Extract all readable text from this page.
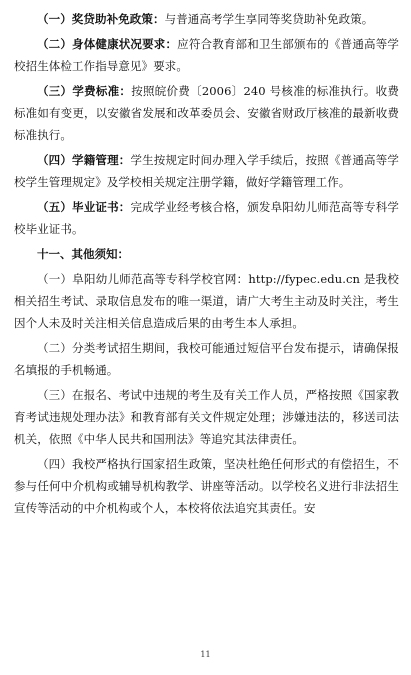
（一）奖贷助补免政策：与普通高考学生享同等奖贷助补免政策。

（二）身体健康状况要求：应符合教育部和卫生部颁布的《普通高等学校招生体检工作指导意见》要求。

（三）学费标准：按照皖价费〔2006〕240 号核准的标准执行。收费标准如有变更，以安徽省发展和改革委员会、安徽省财政厅核准的最新收费标准执行。

（四）学籍管理：学生按规定时间办理入学手续后，按照《普通高等学校学生管理规定》及学校相关规定注册学籍，做好学籍管理工作。

（五）毕业证书：完成学业经考核合格，颁发阜阳幼儿师范高等专科学校毕业证书。

十一、其他须知：

（一）阜阳幼儿师范高等专科学校官网：http://fypec.edu.cn 是我校相关招生考试、录取信息发布的唯一渠道，请广大考生主动及时关注，考生因个人未及时关注相关信息造成后果的由考生本人承担。

（二）分类考试招生期间，我校可能通过短信平台发布提示，请确保报名填报的手机畅通。

（三）在报名、考试中违规的考生及有关工作人员，严格按照《国家教育考试违规处理办法》和教育部有关文件规定处理；涉嫌违法的，移送司法机关，依照《中华人民共和国刑法》等追究其法律责任。

（四）我校严格执行国家招生政策，坚决杜绝任何形式的有偿招生，不参与任何中介机构或辅导机构教学、讲座等活动。以学校名义进行非法招生宣传等活动的中介机构或个人，本校将依法追究其责任。安

11
